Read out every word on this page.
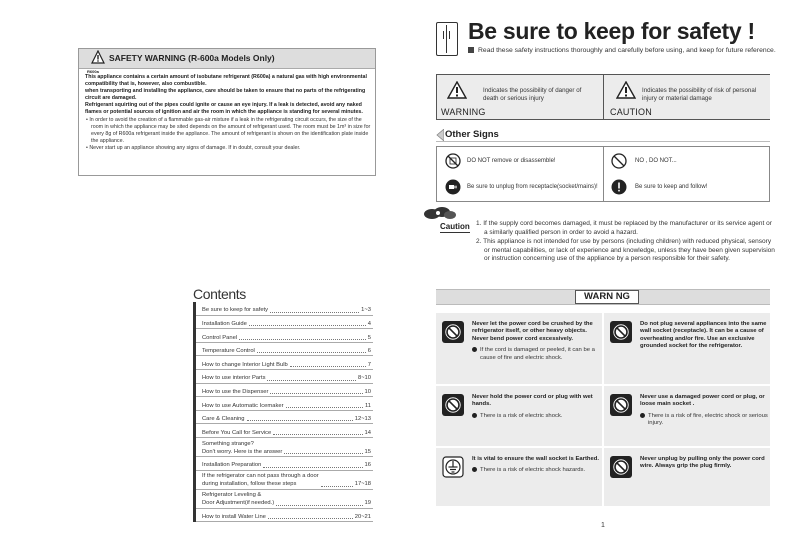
SAFETY WARNING (R-600a Models Only)
R600a

This appliance contains a certain amount of isobutane refrigerant (R600a) a natural gas with high environmental compatibility that is, however, also combustible.

when transporting and installing the appliance, care should be taken to ensure that no parts of the refrigerating circuit are damaged.

Refrigerant squirting out of the pipes could ignite or cause an eye injury. If a leak is detected, avoid any naked flames or potential sources of ignition and air the room in which the appliance is standing for several minutes.

• In order to avoid the creation of a flammable gas-air mixture if a leak in the refrigerating circuit occurs, the size of the room in which the appliance may be sited depends on the amount of refrigerant used. The room must be 1m³ in size for every 8g of R600a refrigerant inside the appliance. The amount of refrigerant is shown on the identification plate inside the appliance.

• Never start up an appliance showing any signs of damage. If in doubt, consult your dealer.

Contents
Be sure to keep for safety	1~3
Installation Guide	4
Control Panel	5
Temperature Control	6
How to change Interior Light Bulb	7
How to use interior Parts	8~10
How to use the Dispenser	10
How to use Automatic Icemaker	11
Care & Cleaning	12~13
Before You Call for Service	14
Something strange?
Don't worry. Here is the answer	15
Installation Preparation	16
If the refrigerator can not pass through a door
during installation, follow these steps	17~18
Refrigerator Leveling &
Door Adjustment(if needed.)	19
How to install Water Line	20~21
Be sure to keep for safety !
Read these safety instructions thoroughly and carefully before using, and keep for future reference.
Indicates the possibility of danger of death or serious injury
WARNING
Indicates the possibility of risk of personal injury or material damage
CAUTION
Other Signs
DO NOT remove or disassemble!
Be sure to unplug from receptacle(socket/mains)!
NO , DO NOT...
Be sure to keep and follow!
Caution 1. If the supply cord becomes damaged, it must be replaced by the manufacturer or its service agent or a similarly qualified person in order to avoid a hazard.
2. This appliance is not intended for use by persons (including children) with reduced physical, sensory or mental capabilities, or lack of experience and knowledge, unless they have been given supervision or instruction concerning use of the appliance by a person responsible for their safety.
WARN NG
Never let the power cord be crushed by the refrigerator itself, or other heavy objects. Never bend power cord excessively.
If the cord is damaged or peeled, it can be a cause of fire and electric shock.
Do not plug several appliances into the same wall socket (receptacle). It can be a cause of overheating and/or fire. Use an exclusive grounded socket for the refrigerator.
Never hold the power cord or plug with wet hands.
There is a risk of electric shock.
Never use a damaged power cord or plug, or loose main socket .
There is a risk of fire, electric shock or serious injury.
It is vital to ensure the wall socket is Earthed.
There is a risk of electric shock hazards.
Never unplug by pulling only the power cord wire. Always grip the plug firmly.
1
